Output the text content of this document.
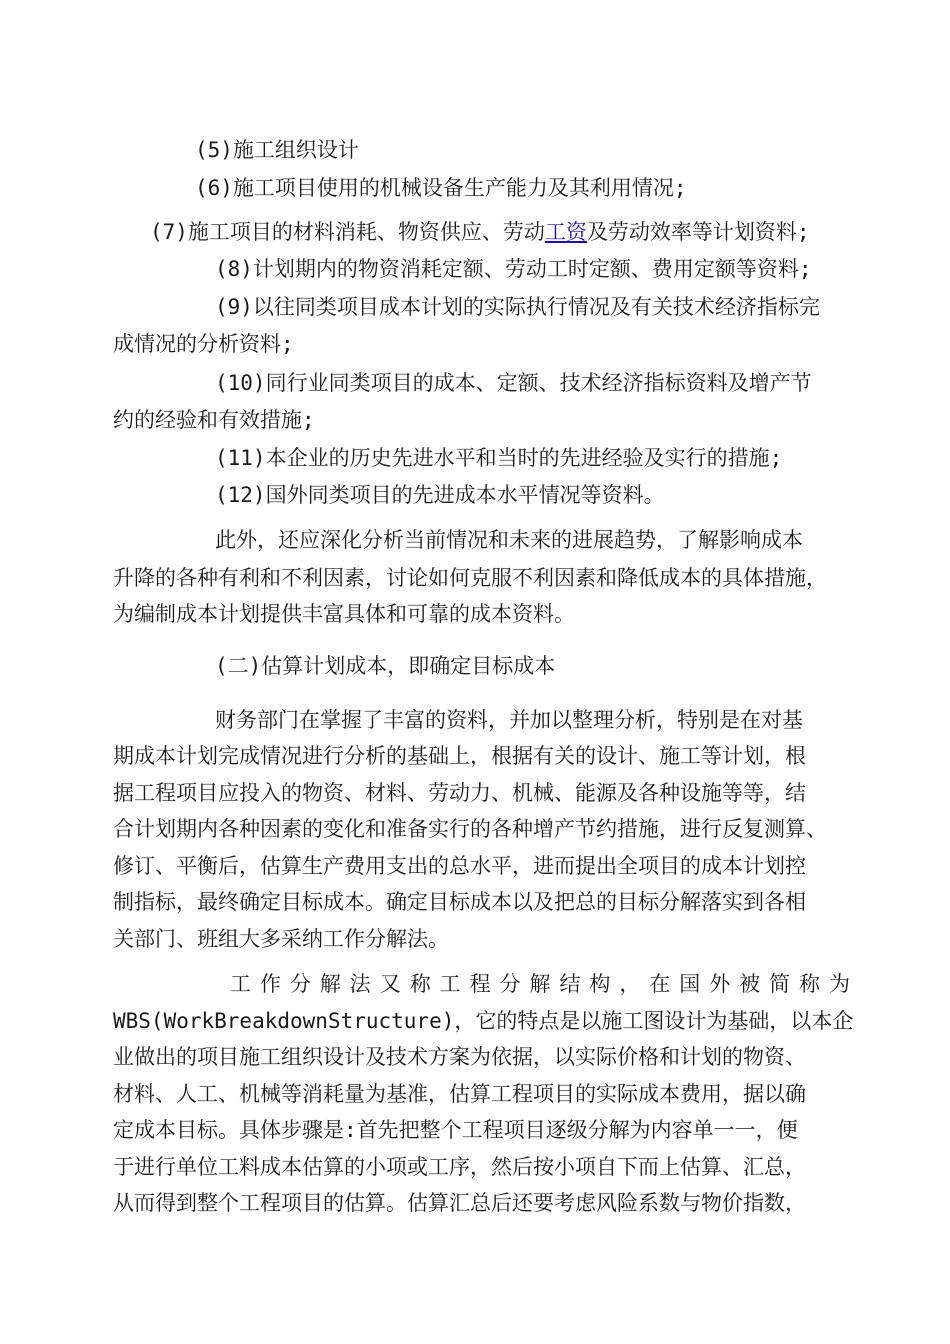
(5)施工组织设计
(6)施工项目使用的机械设备生产能力及其利用情况;
(7)施工项目的材料消耗、物资供应、劳动工资及劳动效率等计划资料;
(8)计划期内的物资消耗定额、劳动工时定额、费用定额等资料;
(9)以往同类项目成本计划的实际执行情况及有关技术经济指标完
成情况的分析资料;
(10)同行业同类项目的成本、定额、技术经济指标资料及增产节
约的经验和有效措施;
(11)本企业的历史先进水平和当时的先进经验及实行的措施;
(12)国外同类项目的先进成本水平情况等资料。
此外，还应深化分析当前情况和未来的进展趋势，了解影响成本
升降的各种有利和不利因素，讨论如何克服不利因素和降低成本的具体措施，
为编制成本计划提供丰富具体和可靠的成本资料。
(二)估算计划成本，即确定目标成本
财务部门在掌握了丰富的资料，并加以整理分析，特别是在对基
期成本计划完成情况进行分析的基础上，根据有关的设计、施工等计划，根
据工程项目应投入的物资、材料、劳动力、机械、能源及各种设施等等，结
合计划期内各种因素的变化和准备实行的各种增产节约措施，进行反复测算、
修订、平衡后，估算生产费用支出的总水平，进而提出全项目的成本计划控
制指标，最终确定目标成本。确定目标成本以及把总的目标分解落实到各相
关部门、班组大多采纳工作分解法。
工作分解法又称工程分解结构，在国外被简称为
WBS(WorkBreakdownStructure)，它的特点是以施工图设计为基础，以本企
业做出的项目施工组织设计及技术方案为依据，以实际价格和计划的物资、
材料、人工、机械等消耗量为基准，估算工程项目的实际成本费用，据以确
定成本目标。具体步骤是:首先把整个工程项目逐级分解为内容单一一，便
于进行单位工料成本估算的小项或工序，然后按小项自下而上估算、汇总，
从而得到整个工程项目的估算。估算汇总后还要考虑风险系数与物价指数，
